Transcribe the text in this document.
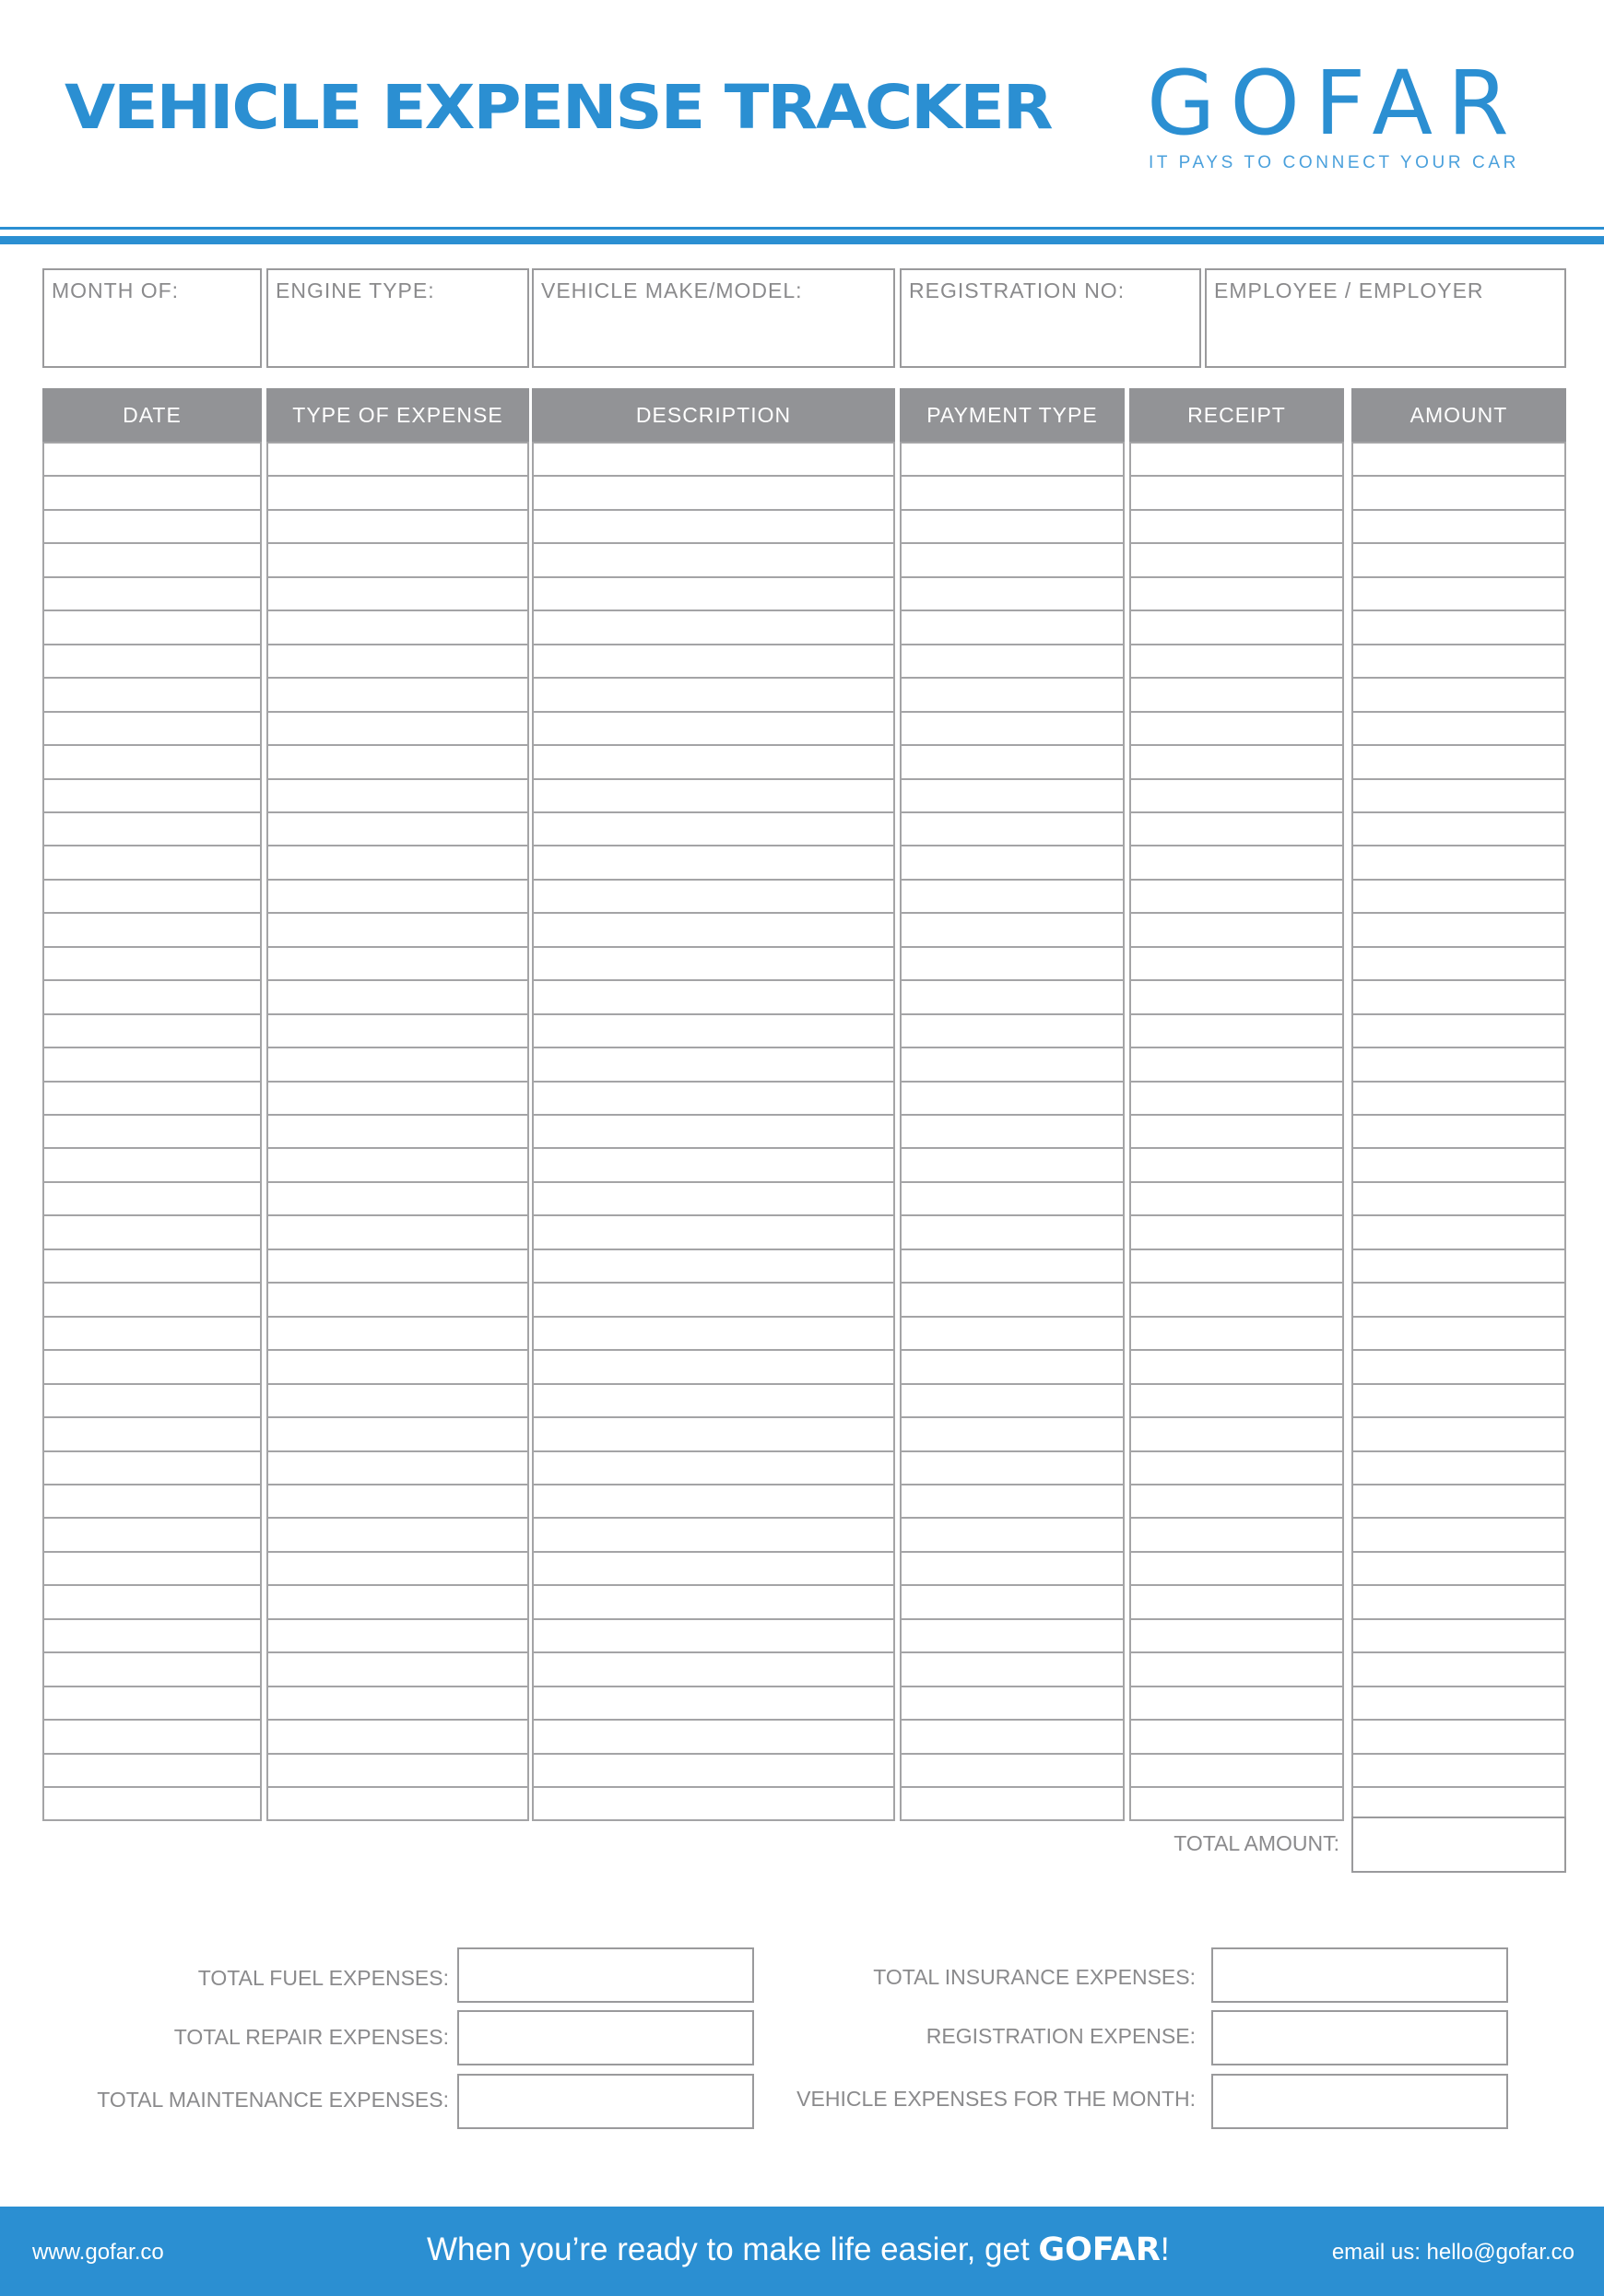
VEHICLE EXPENSE TRACKER GOFAR
IT PAYS TO CONNECT YOUR CAR
MONTH OF:	ENGINE TYPE:	VEHICLE MAKE/MODEL:	REGISTRATION NO:	EMPLOYEE / EMPLOYER
DATE	TYPE OF EXPENSE	DESCRIPTION	PAYMENT TYPE	RECEIPT	AMOUNT
TOTAL AMOUNT:
TOTAL FUEL EXPENSES:
TOTAL REPAIR EXPENSES:
TOTAL MAINTENANCE EXPENSES:
TOTAL INSURANCE EXPENSES:
REGISTRATION EXPENSE:
VEHICLE EXPENSES FOR THE MONTH:
www.gofar.co	When you’re ready to make life easier, get GOFAR!	email us: hello@gofar.co
